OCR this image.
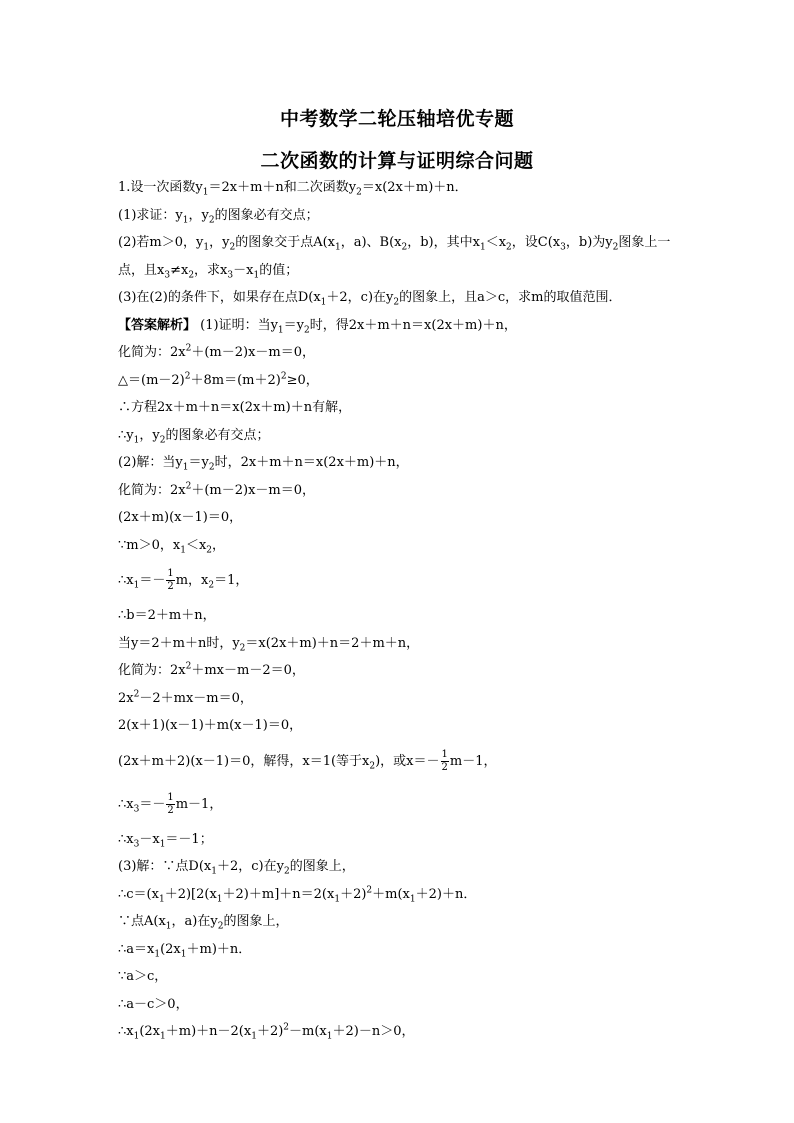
中考数学二轮压轴培优专题
二次函数的计算与证明综合问题
1.设一次函数$y_1=2x+m+n$和二次函数$y_2=x(2x+m)+n$．
(1)求证：$y_1$，$y_2$的图象必有交点；
(2)若m＞0，$y_1$，$y_2$的图象交于点$A(x_1$，a)、$B(x_2$，b)，其中$x_1<x_2$，设$C(x_3$，b)为$y_2$图象上一
点，且$x_3\ne x_2$，求$x_3-x_1$的值；
(3)在(2)的条件下，如果存在点$D(x_1+2$，c)在$y_2$的图象上，且a＞c，求m的取值范围．
【答案解析】 (1)证明：当$y_1=y_2$时，得2x＋m＋n＝x(2x＋m)＋n，
化简为：$2x^2+(m-2)x-m=0$，
$\triangle=(m-2)^2+8m=(m+2)^2\ge 0$，
∴方程2x＋m＋n＝x(2x＋m)＋n有解，
$\therefore y_1$，$y_2$的图象必有交点；
(2)解：当$y_1=y_2$时，2x＋m＋n＝x(2x＋m)＋n，
化简为：$2x^2+(m-2)x-m=0$，
(2x＋m)(x－1)＝0，
∵m＞0，$x_1<x_2$，
$\therefore x_1=- \frac{1}{2}$ m，$x_2=1$，
∴b＝2＋m＋n，
当y＝2＋m＋n时，$y_2=x(2x+m)+n=2+m+n$，
化简为：$2x^2+mx-m-2=0$，
$2x^2-2+mx-m=0$，
2(x＋1)(x－1)＋m(x－1)＝0，
(2x＋m＋2)(x－1)＝0，解得，x＝1(等于$x_2$)，或$x=- \frac{1}{2} m-1$，
$\therefore x_3=- \frac{1}{2} m-1$，
$\therefore x_3-x_1=-1$；
(3)解：∵点$D(x_1+2$，c)在$y_2$的图象上，
$\therefore c=(x_1+2)[2(x_1+2)+m]+n=2(x_1+2)^2+m(x_1+2)+n$．
∵点$A(x_1$，a)在$y_2$的图象上，
$\therefore a=x_1(2x_1+m)+n$．
∵a＞c，
∴a－c＞0，
$\therefore x_1(2x_1+m)+n-2(x_1+2)^2-m(x_1+2)-n>0$，
